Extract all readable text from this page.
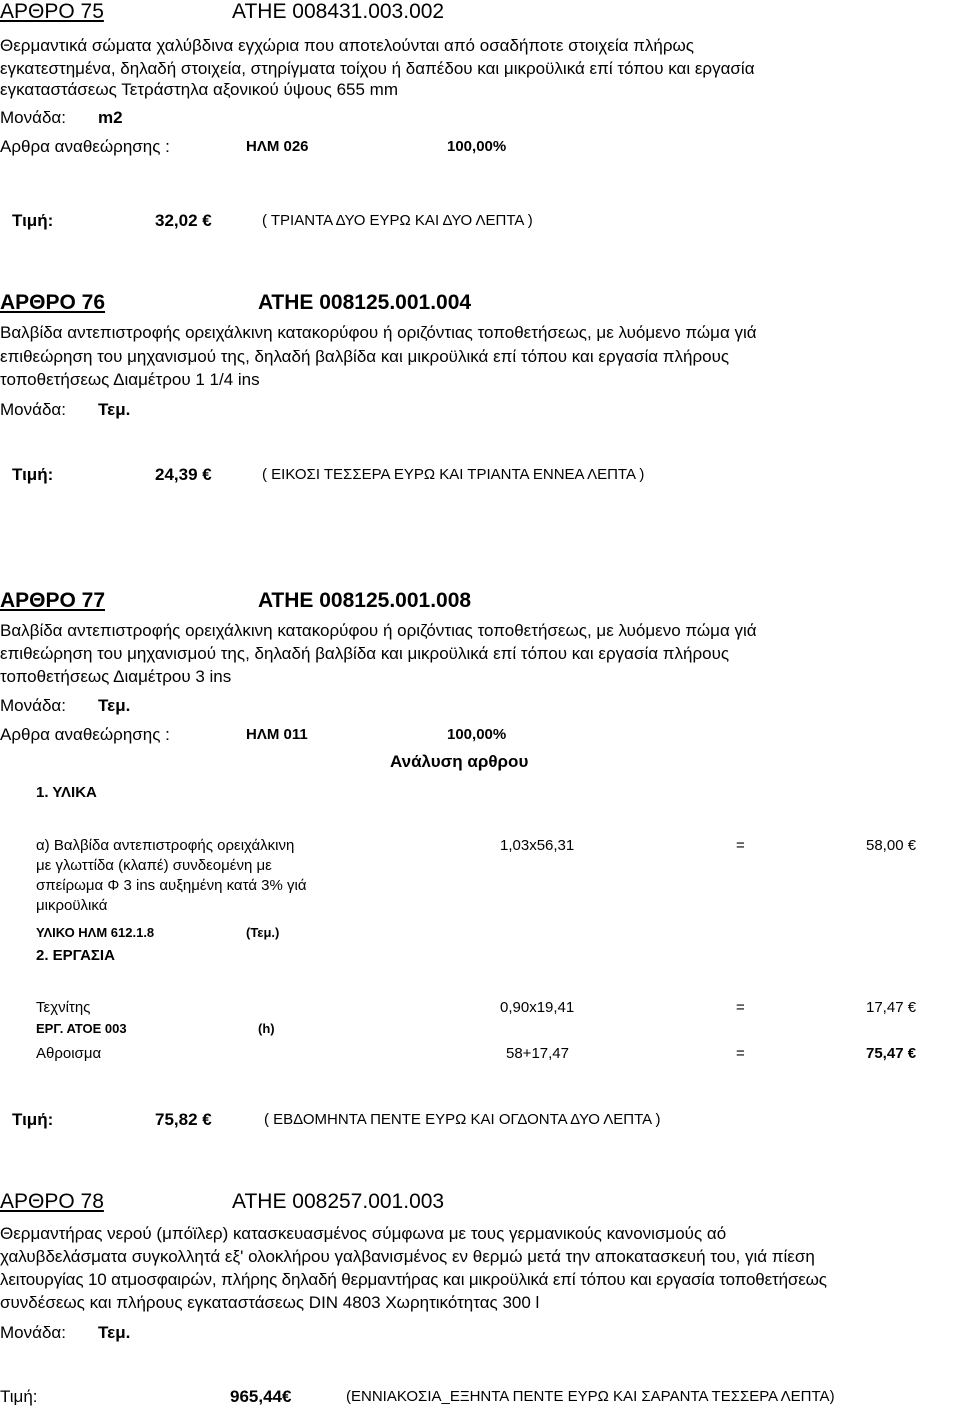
ΑΡΘΡΟ 75	ΑΤΗΕ 008431.003.002
Θερμαντικά σώματα χαλύβδινα εγχώρια που αποτελούνται από οσαδήποτε στοιχεία πλήρως
εγκατεστημένα, δηλαδή στοιχεία, στηρίγματα τοίχου ή δαπέδου και μικροϋλικά επί τόπου και εργασία
εγκαταστάσεως Τετράστηλα αξονικού ύψους 655 mm
Μονάδα: m2
Αρθρα αναθεώρησης :	ΗΛΜ 026	100,00%
Τιμή:	32,02 €	( ΤΡΙΑΝΤΑ ΔΥΟ ΕΥΡΩ ΚΑΙ ΔΥΟ ΛΕΠΤΑ )
ΑΡΘΡΟ 76	ΑΤΗΕ 008125.001.004
Βαλβίδα αντεπιστροφής ορειχάλκινη κατακορύφου ή οριζόντιας τοποθετήσεως, με λυόμενο πώμα γιά
επιθεώρηση του μηχανισμού της, δηλαδή βαλβίδα και μικροϋλικά επί τόπου και εργασία πλήρους
τοποθετήσεως Διαμέτρου 1 1/4 ins
Μονάδα: Τεμ.
Τιμή:	24,39 €	( ΕΙΚΟΣΙ ΤΕΣΣΕΡΑ ΕΥΡΩ ΚΑΙ ΤΡΙΑΝΤΑ ΕΝΝΕΑ ΛΕΠΤΑ )
ΑΡΘΡΟ 77	ΑΤΗΕ 008125.001.008
Βαλβίδα αντεπιστροφής ορειχάλκινη κατακορύφου ή οριζόντιας τοποθετήσεως, με λυόμενο πώμα γιά
επιθεώρηση του μηχανισμού της, δηλαδή βαλβίδα και μικροϋλικά επί τόπου και εργασία πλήρους
τοποθετήσεως Διαμέτρου 3 ins
Μονάδα: Τεμ.
Αρθρα αναθεώρησης :	ΗΛΜ 011	100,00%
Ανάλυση αρθρου
1. ΥΛΙΚΑ
α) Βαλβίδα αντεπιστροφής ορειχάλκινη
με γλωττίδα (κλαπέ) συνδεομένη με
σπείρωμα Φ 3 ins αυξημένη κατά 3% γιά
μικροϋλικά
1,03x56,31	=	58,00 €
ΥΛΙΚΟ ΗΛΜ 612.1.8	(Τεμ.)
2. ΕΡΓΑΣΙΑ
Τεχνίτης	0,90x19,41	=	17,47 €
ΕΡΓ. ΑΤΟΕ 003	(h)
Αθροισμα	58+17,47	=	75,47 €
Τιμή:	75,82 €	( ΕΒΔΟΜΗΝΤΑ ΠΕΝΤΕ ΕΥΡΩ ΚΑΙ ΟΓΔΟΝΤΑ ΔΥΟ ΛΕΠΤΑ )
ΑΡΘΡΟ 78	ΑΤΗΕ 008257.001.003
Θερμαντήρας νερού (μπόϊλερ) κατασκευασμένος σύμφωνα με τους γερμανικούς κανονισμούς αό
χαλυβδελάσματα συγκολλητά εξ' ολοκλήρου γαλβανισμένος εν θερμώ μετά την αποκατασκευή του, γιά πίεση
λειτουργίας 10 ατμοσφαιρών, πλήρης δηλαδή θερμαντήρας και μικροϋλικά επί τόπου και εργασία τοποθετήσεως
συνδέσεως και πλήρους εγκαταστάσεως DIN 4803 Χωρητικότητας 300 l
Μονάδα: Τεμ.
Τιμή:	965,44€	(ΕΝΝΙΑΚΟΣΙΑ_ΕΞΗΝΤΑ ΠΕΝΤΕ ΕΥΡΩ ΚΑΙ ΣΑΡΑΝΤΑ ΤΕΣΣΕΡΑ ΛΕΠΤΑ)
